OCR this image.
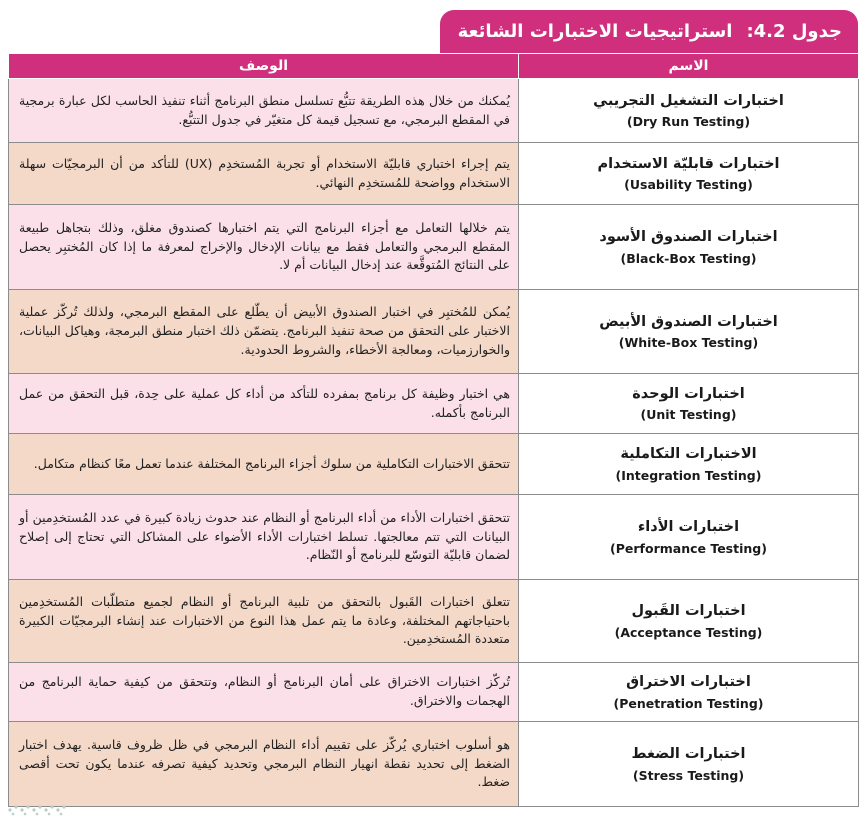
جدول 4.2:
استراتيجيات الاختبارات الشائعة
الاسم	الوصف
اختبارات التشغيل التجريبي
(Dry Run Testing)	يُمكنك من خلال هذه الطريقة تتبُّع تسلسل منطق البرنامج أثناء تنفيذ الحاسب لكل عبارة برمجية في المقطع البرمجي، مع تسجيل قيمة كل متغيّر في جدول التتبُّع.
اختبارات قابليّة الاستخدام
(Usability Testing)	يتم إجراء اختباري قابليّة الاستخدام أو تجربة المُستخدِم (UX) للتأكد من أن البرمجيّات سهلة الاستخدام وواضحة للمُستخدِم النهائي.
اختبارات الصندوق الأسود
(Black-Box Testing)	يتم خلالها التعامل مع أجزاء البرنامج التي يتم اختبارها كصندوق مغلق، وذلك بتجاهل طبيعة المقطع البرمجي والتعامل فقط مع بيانات الإدخال والإخراج لمعرفة ما إذا كان المُختبِر يحصل على النتائج المُتوقَّعة عند إدخال البيانات أم لا.
اختبارات الصندوق الأبيض
(White-Box Testing)	يُمكن للمُختبِر في اختبار الصندوق الأبيض أن يطّلع على المقطع البرمجي، ولذلك تُركّز عملية الاختبار على التحقق من صحة تنفيذ البرنامج. يتضمّن ذلك اختبار منطق البرمجة، وهياكل البيانات، والخوارزميات، ومعالجة الأخطاء، والشروط الحدودية.
اختبارات الوحدة
(Unit Testing)	هي اختبار وظيفة كل برنامج بمفرده للتأكد من أداء كل عملية على حِدة، قبل التحقق من عمل البرنامج بأكمله.
الاختبارات التكاملية
(Integration Testing)	تتحقق الاختبارات التكاملية من سلوك أجزاء البرنامج المختلفة عندما تعمل معًا كنظام متكامل.
اختبارات الأداء
(Performance Testing)	تتحقق اختبارات الأداء من أداء البرنامج أو النظام عند حدوث زيادة كبيرة في عدد المُستخدِمين أو البيانات التي تتم معالجتها. تسلط اختبارات الأداء الأضواء على المشاكل التي تحتاج إلى إصلاح لضمان قابليّة التوسّع للبرنامج أو النّظام.
اختبارات القَبول
(Acceptance Testing)	تتعلق اختبارات القَبول بالتحقق من تلبية البرنامج أو النظام لجميع متطلّبات المُستخدِمين باحتياجاتهم المختلفة، وعادة ما يتم عمل هذا النوع من الاختبارات عند إنشاء البرمجيّات الكبيرة متعددة المُستخدِمين.
اختبارات الاختراق
(Penetration Testing)	تُركّز اختبارات الاختراق على أمان البرنامج أو النظام، وتتحقق من كيفية حماية البرنامج من الهجمات والاختراق.
اختبارات الضغط
(Stress Testing)	هو أسلوب اختباري يُركّز على تقييم أداء النظام البرمجي في ظل ظروف قاسية. يهدف اختبار الضغط إلى تحديد نقطة انهيار النظام البرمجي وتحديد كيفية تصرفه عندما يكون تحت أقصى ضغط.
